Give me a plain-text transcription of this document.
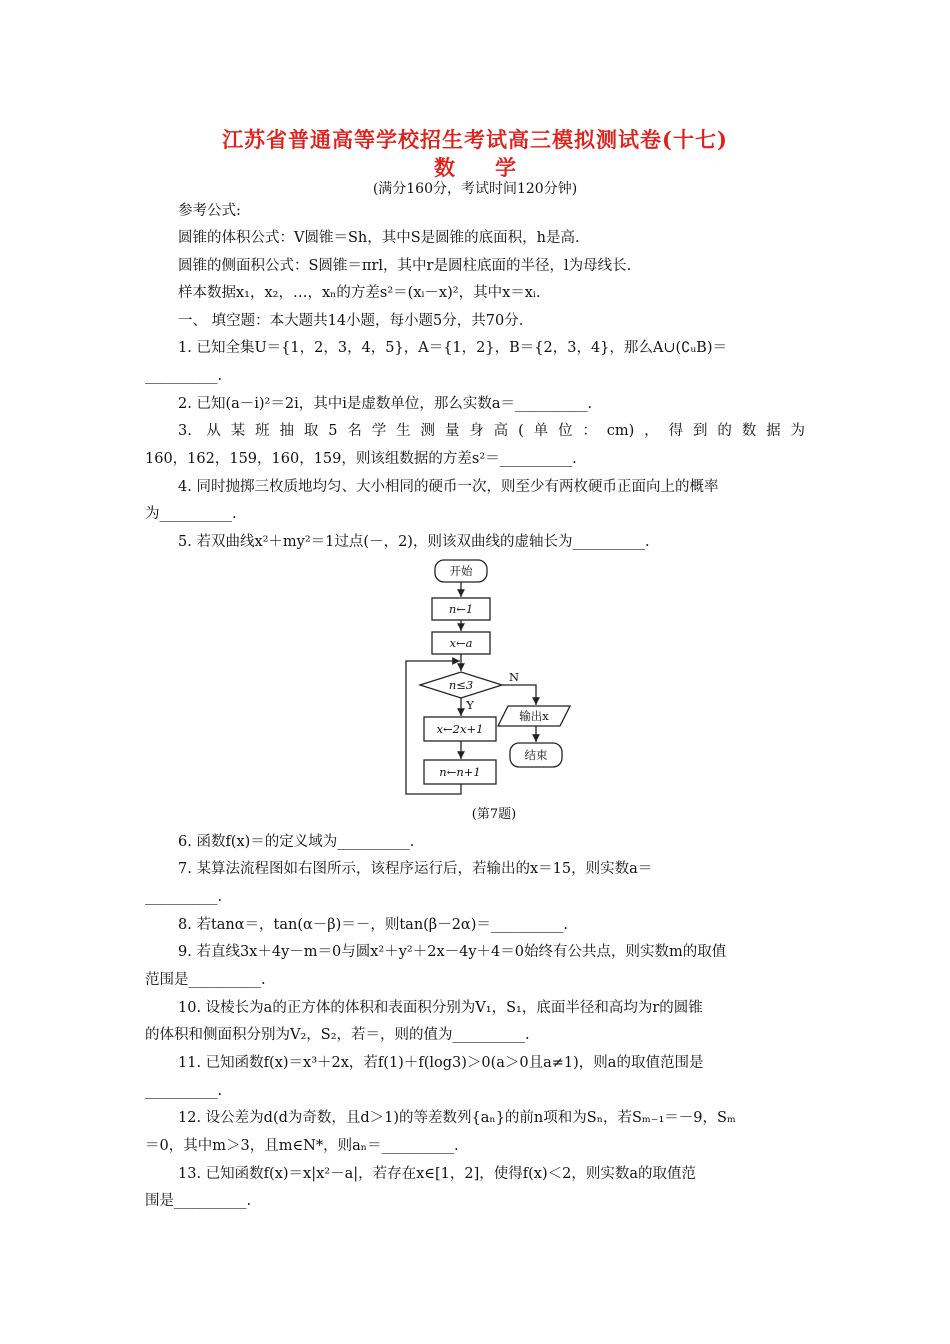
江苏省普通高等学校招生考试高三模拟测试卷(十七)
数学
(满分160分，考试时间120分钟)
参考公式:
圆锥的体积公式：V圆锥＝Sh，其中S是圆锥的底面积，h是高.
圆锥的侧面积公式：S圆锥＝πrl，其中r是圆柱底面的半径，l为母线长.
样本数据x₁，x₂，…，xₙ的方差s²＝(xᵢ－x)²，其中x＝xᵢ.
一、 填空题：本大题共14小题，每小题5分，共70分.
1. 已知全集U＝{1，2，3，4，5}，A＝{1，2}，B＝{2，3，4}，那么A∪(∁ᵤB)＝
__________.
2. 已知(a－i)²＝2i，其中i是虚数单位，那么实数a＝__________.
3. 从某班抽取5名学生测量身高(单位：cm)，得到的数据为
160，162，159，160，159，则该组数据的方差s²＝__________.
4. 同时抛掷三枚质地均匀、大小相同的硬币一次，则至少有两枚硬币正面向上的概率
为__________.
5. 若双曲线x²＋my²＝1过点(－，2)，则该双曲线的虚轴长为__________.
开始
n←1
x←a
n≤3
N
Y
x←2x+1
n←n+1
输出x
结束
(第7题)
6. 函数f(x)＝的定义域为__________.
7. 某算法流程图如右图所示，该程序运行后，若输出的x＝15，则实数a＝
__________.
8. 若tanα＝，tan(α－β)＝－，则tan(β－2α)＝__________.
9. 若直线3x＋4y－m＝0与圆x²＋y²＋2x－4y＋4＝0始终有公共点，则实数m的取值
范围是__________.
10. 设棱长为a的正方体的体积和表面积分别为V₁，S₁，底面半径和高均为r的圆锥
的体积和侧面积分别为V₂，S₂，若＝，则的值为__________.
11. 已知函数f(x)＝x³＋2x，若f(1)＋f(log3)＞0(a＞0且a≠1)，则a的取值范围是
__________.
12. 设公差为d(d为奇数，且d＞1)的等差数列{aₙ}的前n项和为Sₙ，若Sₘ₋₁＝－9，Sₘ
＝0，其中m＞3，且m∈N*，则aₙ＝__________.
13. 已知函数f(x)＝x|x²－a|，若存在x∈[1，2]，使得f(x)＜2，则实数a的取值范
围是__________.
